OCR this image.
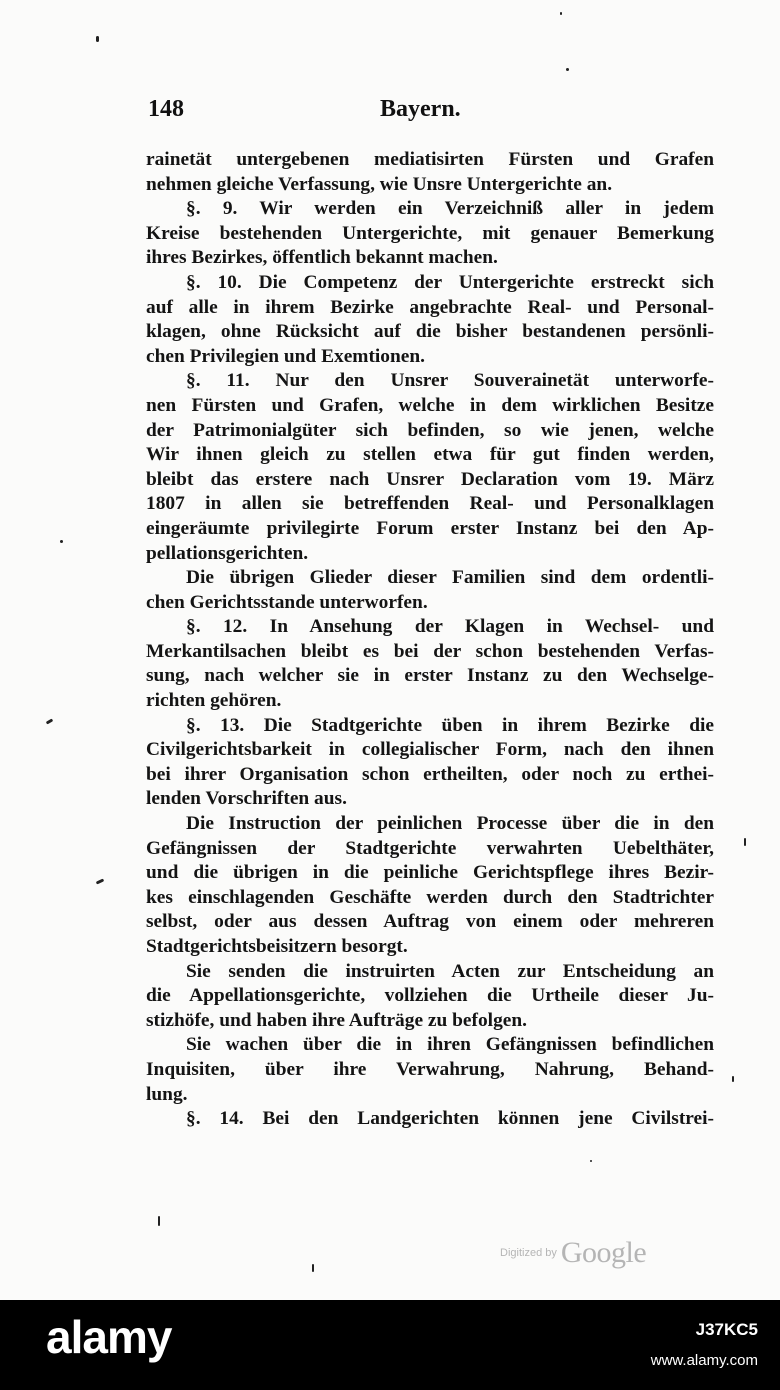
148	Bayern.
rainetät untergebenen mediatisirten Fürsten und Grafen
nehmen gleiche Verfassung, wie Unsre Untergerichte an.
§. 9. Wir werden ein Verzeichniß aller in jedem
Kreise bestehenden Untergerichte, mit genauer Bemerkung
ihres Bezirkes, öffentlich bekannt machen.
§. 10. Die Competenz der Untergerichte erstreckt sich
auf alle in ihrem Bezirke angebrachte Real- und Personal-
klagen, ohne Rücksicht auf die bisher bestandenen persönli-
chen Privilegien und Exemtionen.
§. 11. Nur den Unsrer Souverainetät unterworfe-
nen Fürsten und Grafen, welche in dem wirklichen Besitze
der Patrimonialgüter sich befinden, so wie jenen, welche
Wir ihnen gleich zu stellen etwa für gut finden werden,
bleibt das erstere nach Unsrer Declaration vom 19. März
1807 in allen sie betreffenden Real- und Personalklagen
eingeräumte privilegirte Forum erster Instanz bei den Ap-
pellationsgerichten.
Die übrigen Glieder dieser Familien sind dem ordentli-
chen Gerichtsstande unterworfen.
§. 12. In Ansehung der Klagen in Wechsel- und
Merkantilsachen bleibt es bei der schon bestehenden Verfas-
sung, nach welcher sie in erster Instanz zu den Wechselge-
richten gehören.
§. 13. Die Stadtgerichte üben in ihrem Bezirke die
Civilgerichtsbarkeit in collegialischer Form, nach den ihnen
bei ihrer Organisation schon ertheilten, oder noch zu erthei-
lenden Vorschriften aus.
Die Instruction der peinlichen Processe über die in den
Gefängnissen der Stadtgerichte verwahrten Uebelthäter,
und die übrigen in die peinliche Gerichtspflege ihres Bezir-
kes einschlagenden Geschäfte werden durch den Stadtrichter
selbst, oder aus dessen Auftrag von einem oder mehreren
Stadtgerichtsbeisitzern besorgt.
Sie senden die instruirten Acten zur Entscheidung an
die Appellationsgerichte, vollziehen die Urtheile dieser Ju-
stizhöfe, und haben ihre Aufträge zu befolgen.
Sie wachen über die in ihren Gefängnissen befindlichen
Inquisiten, über ihre Verwahrung, Nahrung, Behand-
lung.
§. 14. Bei den Landgerichten können jene Civilstrei-
Digitized by Google
alamy	J37KC5
www.alamy.com
